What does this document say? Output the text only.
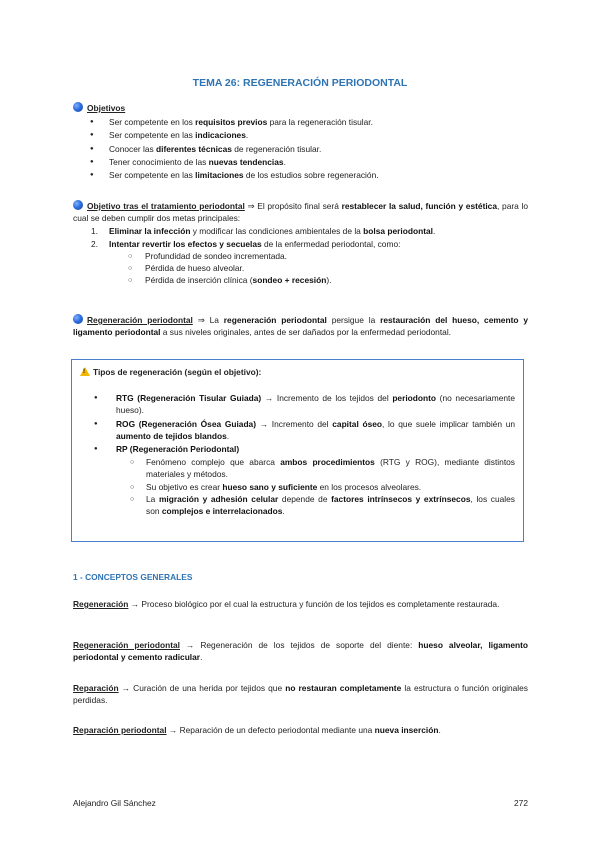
TEMA 26: REGENERACIÓN PERIODONTAL
Objetivos
● Ser competente en los requisitos previos para la regeneración tisular.
● Ser competente en las indicaciones.
● Conocer las diferentes técnicas de regeneración tisular.
● Tener conocimiento de las nuevas tendencias.
● Ser competente en las limitaciones de los estudios sobre regeneración.
Objetivo tras el tratamiento periodontal ⇒ El propósito final será restablecer la salud, función y estética, para lo cual se deben cumplir dos metas principales:
1. Eliminar la infección y modificar las condiciones ambientales de la bolsa periodontal.
2. Intentar revertir los efectos y secuelas de la enfermedad periodontal, como:
○ Profundidad de sondeo incrementada.
○ Pérdida de hueso alveolar.
○ Pérdida de inserción clínica (sondeo + recesión).
Regeneración periodontal ⇒ La regeneración periodontal persigue la restauración del hueso, cemento y ligamento periodontal a sus niveles originales, antes de ser dañados por la enfermedad periodontal.
!Tipos de regeneración (según el objetivo):
● RTG (Regeneración Tisular Guiada) → Incremento de los tejidos del periodonto (no necesariamente hueso).
● ROG (Regeneración Ósea Guiada) → Incremento del capital óseo, lo que suele implicar también un aumento de tejidos blandos.
● RP (Regeneración Periodontal)
○ Fenómeno complejo que abarca ambos procedimientos (RTG y ROG), mediante distintos materiales y métodos.
○ Su objetivo es crear hueso sano y suficiente en los procesos alveolares.
○ La migración y adhesión celular depende de factores intrínsecos y extrínsecos, los cuales son complejos e interrelacionados.
1 - CONCEPTOS GENERALES
Regeneración → Proceso biológico por el cual la estructura y función de los tejidos es completamente restaurada.
Regeneración periodontal → Regeneración de los tejidos de soporte del diente: hueso alveolar, ligamento periodontal y cemento radicular.
Reparación → Curación de una herida por tejidos que no restauran completamente la estructura o función originales perdidas.
Reparación periodontal → Reparación de un defecto periodontal mediante una nueva inserción.
Alejandro Gil Sánchez	272
